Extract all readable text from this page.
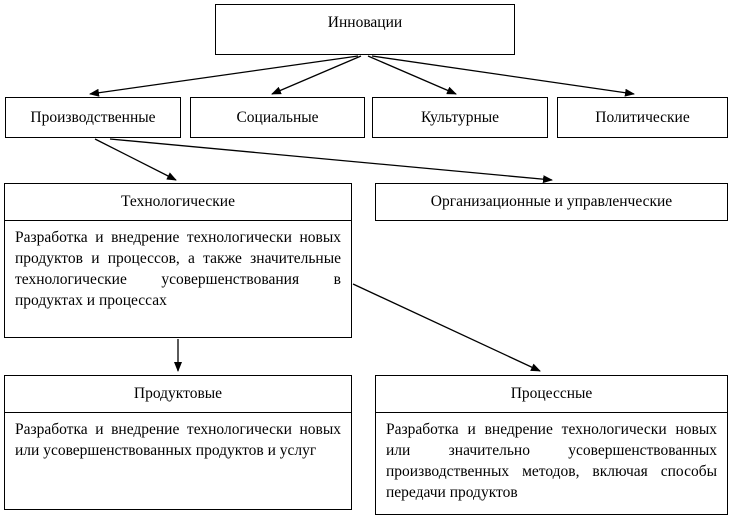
Инновации
Производственные	Социальные	Культурные	Политические
Технологические
Разработка и внедрение технологически новых продуктов и процессов, а также значительные технологические усовершенствования в продуктах и процессах
Организационные и управленческие
Продуктовые
Разработка и внедрение технологически новых или усовершенствованных продуктов и услуг
Процессные
Разработка и внедрение технологически новых или значительно усовершенствованных производственных методов, включая способы передачи продуктов
